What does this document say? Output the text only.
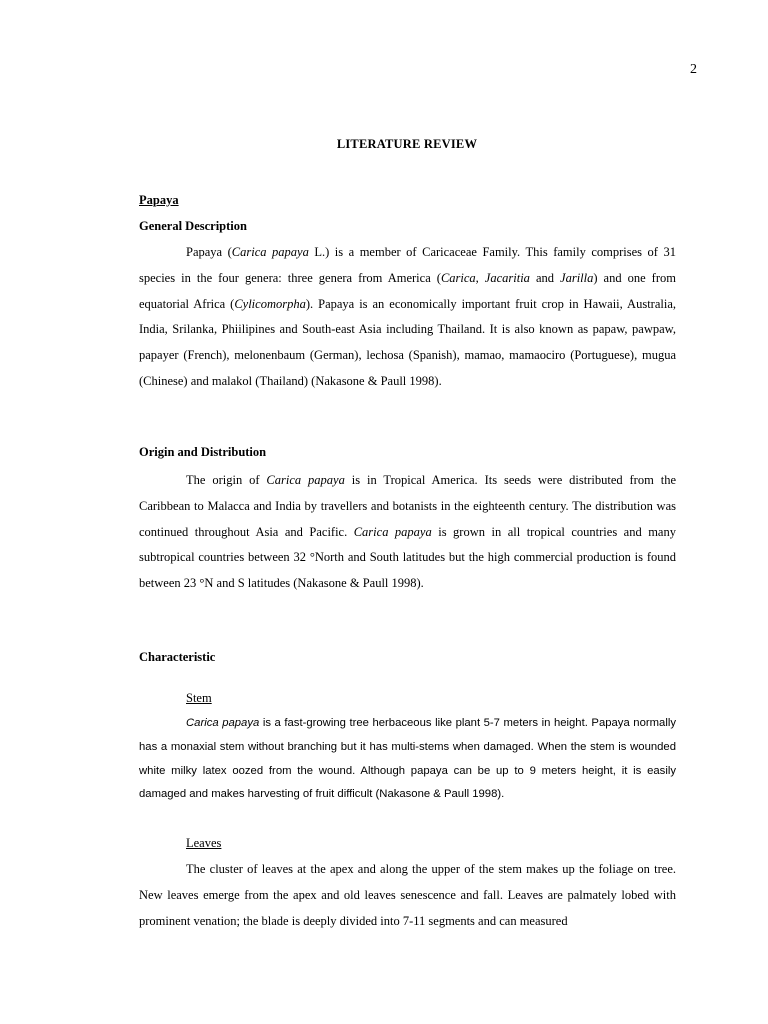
2
LITERATURE REVIEW
Papaya
General Description

Papaya (Carica papaya L.) is a member of Caricaceae Family. This family comprises of 31 species in the four genera: three genera from America (Carica, Jacaritia and Jarilla) and one from equatorial Africa (Cylicomorpha). Papaya is an economically important fruit crop in Hawaii, Australia, India, Srilanka, Phiilipines and South-east Asia including Thailand. It is also known as papaw, pawpaw, papayer (French), melonenbaum (German), lechosa (Spanish), mamao, mamaociro (Portuguese), mugua (Chinese) and malakol (Thailand) (Nakasone & Paull 1998).

Origin and Distribution

The origin of Carica papaya is in Tropical America. Its seeds were distributed from the Caribbean to Malacca and India by travellers and botanists in the eighteenth century. The distribution was continued throughout Asia and Pacific. Carica papaya is grown in all tropical countries and many subtropical countries between 32 °North and South latitudes but the high commercial production is found between 23 °N and S latitudes (Nakasone & Paull 1998).

Characteristic
Stem

Carica papaya is a fast-growing tree herbaceous like plant 5-7 meters in height. Papaya normally has a monaxial stem without branching but it has multi-stems when damaged. When the stem is wounded white milky latex oozed from the wound. Although papaya can be up to 9 meters height, it is easily damaged and makes harvesting of fruit difficult (Nakasone & Paull 1998).

Leaves

The cluster of leaves at the apex and along the upper of the stem makes up the foliage on tree. New leaves emerge from the apex and old leaves senescence and fall. Leaves are palmately lobed with prominent venation; the blade is deeply divided into 7-11 segments and can measured
